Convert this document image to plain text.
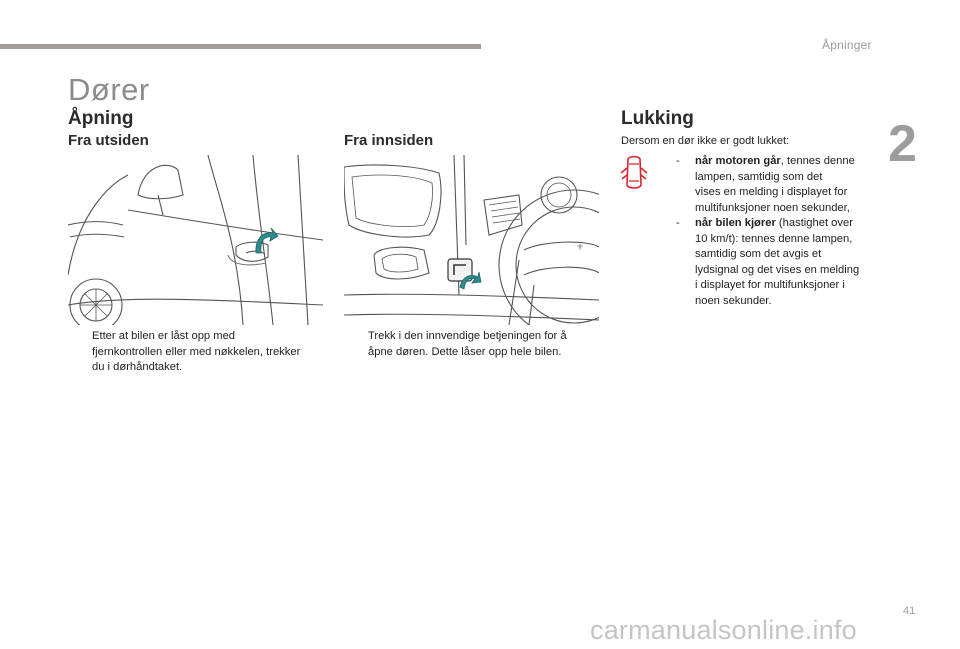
Åpninger
2
Dører
Åpning
Fra utsiden	Fra innsiden
Lukking
⚜
Etter at bilen er låst opp med
fjernkontrollen eller med nøkkelen, trekker
du i dørhåndtaket.
Trekk i den innvendige betjeningen for å
åpne døren. Dette låser opp hele bilen.
Dersom en dør ikke er godt lukket:
- når motoren går, tennes denne
lampen, samtidig som det
vises en melding i displayet for
multifunksjoner noen sekunder,
- når bilen kjører (hastighet over
10 km/t): tennes denne lampen,
samtidig som det avgis et
lydsignal og det vises en melding
i displayet for multifunksjoner i
noen sekunder.
41
carmanualsonline.info
